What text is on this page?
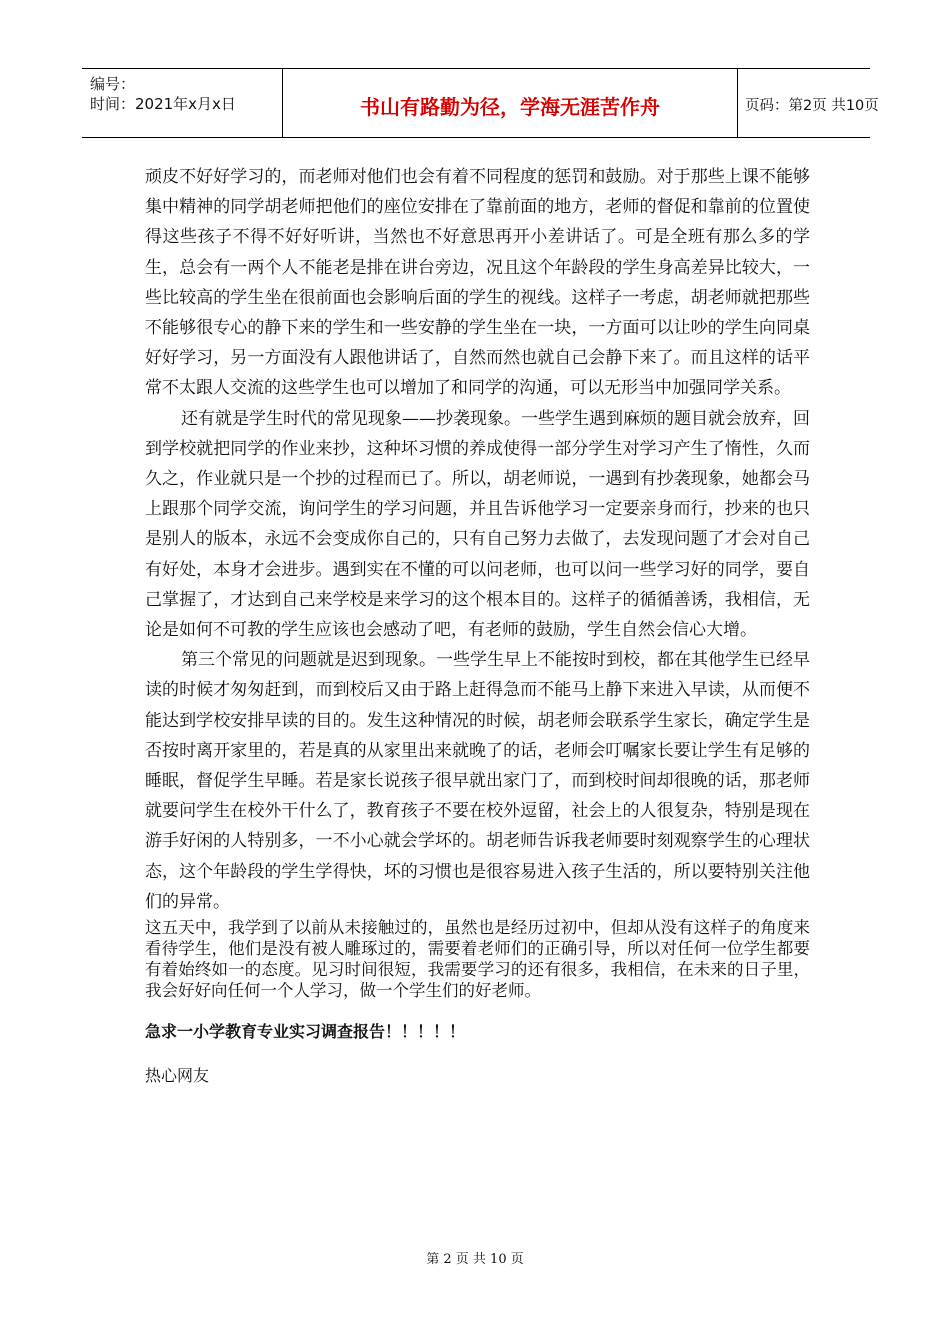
编号：
时间：2021年x月x日	书山有路勤为径，学海无涯苦作舟	页码：第2页 共10页

顽皮不好好学习的，而老师对他们也会有着不同程度的惩罚和鼓励。对于那些上课不能够集中精神的同学胡老师把他们的座位安排在了靠前面的地方，老师的督促和靠前的位置使得这些孩子不得不好好听讲，当然也不好意思再开小差讲话了。可是全班有那么多的学生，总会有一两个人不能老是排在讲台旁边，况且这个年龄段的学生身高差异比较大，一些比较高的学生坐在很前面也会影响后面的学生的视线。这样子一考虑，胡老师就把那些不能够很专心的静下来的学生和一些安静的学生坐在一块，一方面可以让吵的学生向同桌好好学习，另一方面没有人跟他讲话了，自然而然也就自己会静下来了。而且这样的话平常不太跟人交流的这些学生也可以增加了和同学的沟通，可以无形当中加强同学关系。

还有就是学生时代的常见现象——抄袭现象。一些学生遇到麻烦的题目就会放弃，回到学校就把同学的作业来抄，这种坏习惯的养成使得一部分学生对学习产生了惰性，久而久之，作业就只是一个抄的过程而已了。所以，胡老师说，一遇到有抄袭现象，她都会马上跟那个同学交流，询问学生的学习问题，并且告诉他学习一定要亲身而行，抄来的也只是别人的版本，永远不会变成你自己的，只有自己努力去做了，去发现问题了才会对自己有好处，本身才会进步。遇到实在不懂的可以问老师，也可以问一些学习好的同学，要自己掌握了，才达到自己来学校是来学习的这个根本目的。这样子的循循善诱，我相信，无论是如何不可教的学生应该也会感动了吧，有老师的鼓励，学生自然会信心大增。

第三个常见的问题就是迟到现象。一些学生早上不能按时到校，都在其他学生已经早读的时候才匆匆赶到，而到校后又由于路上赶得急而不能马上静下来进入早读，从而便不能达到学校安排早读的目的。发生这种情况的时候，胡老师会联系学生家长，确定学生是否按时离开家里的，若是真的从家里出来就晚了的话，老师会叮嘱家长要让学生有足够的睡眠，督促学生早睡。若是家长说孩子很早就出家门了，而到校时间却很晚的话，那老师就要问学生在校外干什么了，教育孩子不要在校外逗留，社会上的人很复杂，特别是现在游手好闲的人特别多，一不小心就会学坏的。胡老师告诉我老师要时刻观察学生的心理状态，这个年龄段的学生学得快，坏的习惯也是很容易进入孩子生活的，所以要特别关注他们的异常。

这五天中，我学到了以前从未接触过的，虽然也是经历过初中，但却从没有这样子的角度来看待学生，他们是没有被人雕琢过的，需要着老师们的正确引导，所以对任何一位学生都要有着始终如一的态度。见习时间很短，我需要学习的还有很多，我相信，在未来的日子里，我会好好向任何一个人学习，做一个学生们的好老师。

急求一小学教育专业实习调查报告！！！！！

热心网友

第 2 页 共 10 页
